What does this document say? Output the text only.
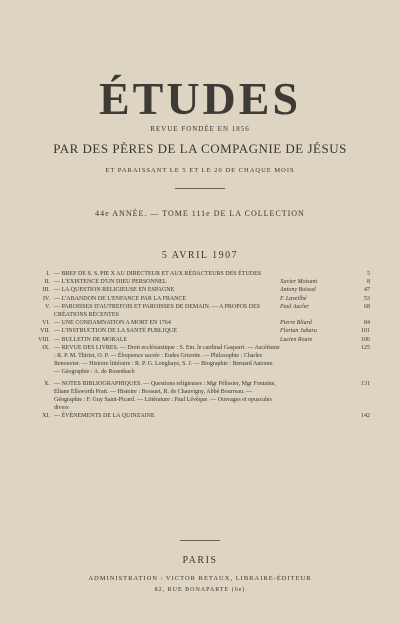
ÉTUDES
REVUE FONDÉE EN 1856
PAR DES PÈRES DE LA COMPAGNIE DE JÉSUS
ET PARAISSANT LE 5 ET LE 20 DE CHAQUE MOIS
44e ANNÉE. — TOME 111e DE LA COLLECTION
5 AVRIL 1907
I. — BREF DE S. S. PIE X AU DIRECTEUR ET AUX RÉDACTEURS DES ÉTUDES	5
II. — L'EXISTENCE D'UN DIEU PERSONNEL	Xavier Moisant	8
III. — LA QUESTION RELIGIEUSE EN ESPAGNE	Antony Boissel	47
IV. — L'ABANDON DE L'ENFANCE PAR LA FRANCE	F. Laveilhé	53
V. — PAROISSES D'AUTREFOIS ET PAROISSES DE DEMAIN. — A PROPOS DES CRÉATIONS RÉCENTES
Paul Aucler	68
VI. — UNE CONDAMNATION A MORT EN 1764	Pierre Bliard	84
VII. — L'INSTRUCTION DE LA SANTÉ PUBLIQUE	Florian Jubaru	101
VIII. — BULLETIN DE MORALE	Lucien Roure	106
IX. — REVUE DES LIVRES. — Droit ecclésiastique : S. Em. le cardinal Gasparri. — Ascétisme : R. P. M. Thiriet, O. P. — Éloquence sacrée : Eudes Grizotte. — Philosophie : Charles Renouvier. — Histoire littéraire : R. P. G. Longhaye, S. J. — Biographie : Bernard Antoine. — Géographie : A. de Rosenbach
125
X. — NOTES BIBLIOGRAPHIQUES. — Questions religieuses : Mgr Pélissier, Mgr Fontaine, Eliane Ellsworth Pratt. — Histoire : Bossuet, R. de Chauvigny, Abbé Bourreau. — Géographie : F. Guy Saint-Picard. — Littérature : Paul Lévêque. — Ouvrages et opuscules divers
131
XI. — ÉVÉNEMENTS DE LA QUINZAINE	142
PARIS
ADMINISTRATION : VICTOR RETAUX, LIBRAIRE-ÉDITEUR
82, RUE BONAPARTE (6e)
